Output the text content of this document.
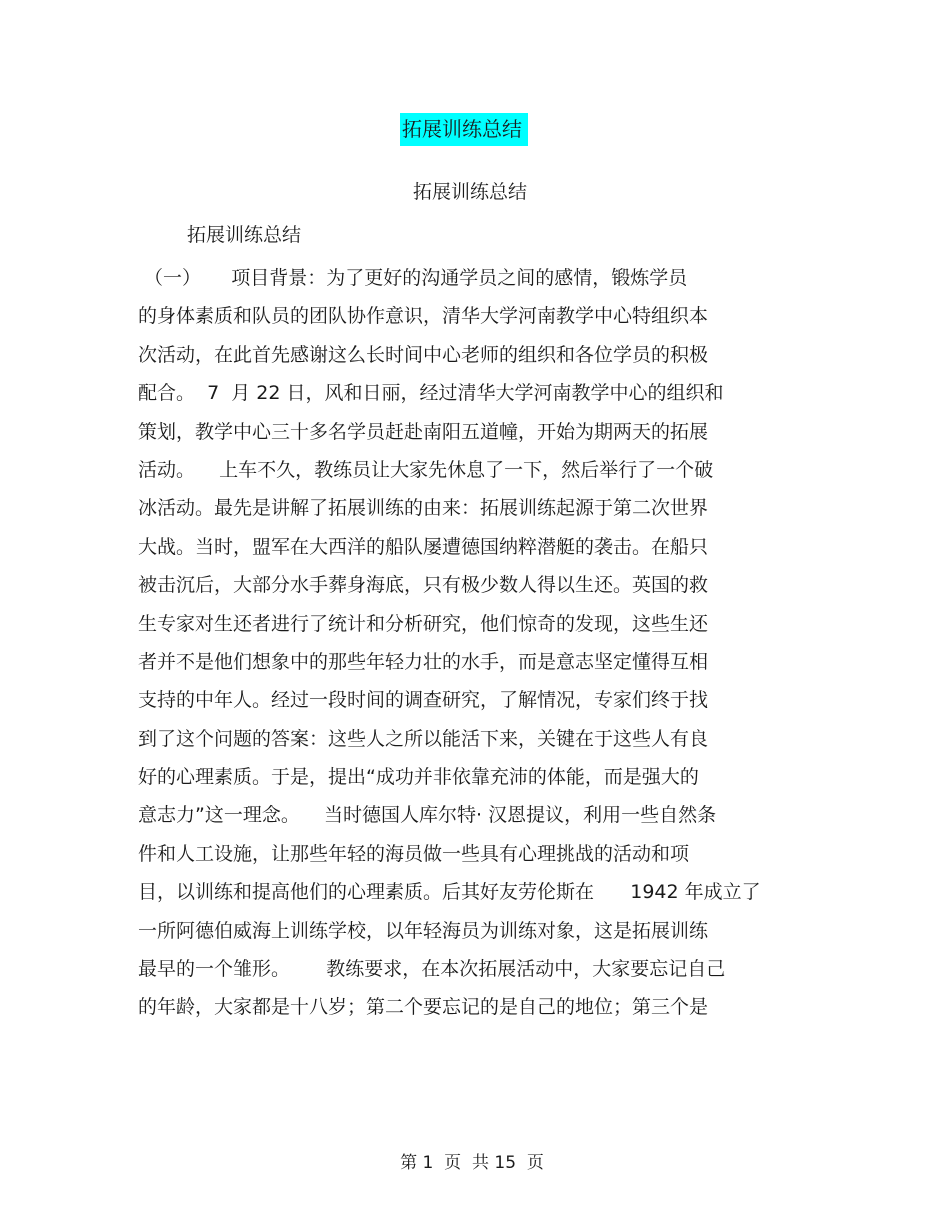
拓展训练总结
拓展训练总结
拓展训练总结
（一）     项目背景：为了更好的沟通学员之间的感情，锻炼学员
的身体素质和队员的团队协作意识，清华大学河南教学中心特组织本
次活动，在此首先感谢这么长时间中心老师的组织和各位学员的积极
配合。  7  月 22 日，风和日丽，经过清华大学河南教学中心的组织和
策划，教学中心三十多名学员赶赴南阳五道幢，开始为期两天的拓展
活动。    上车不久，教练员让大家先休息了一下，然后举行了一个破
冰活动。最先是讲解了拓展训练的由来：拓展训练起源于第二次世界
大战。当时，盟军在大西洋的船队屡遭德国纳粹潜艇的袭击。在船只
被击沉后，大部分水手葬身海底，只有极少数人得以生还。英国的救
生专家对生还者进行了统计和分析研究，他们惊奇的发现，这些生还
者并不是他们想象中的那些年轻力壮的水手，而是意志坚定懂得互相
支持的中年人。经过一段时间的调查研究，了解情况，专家们终于找
到了这个问题的答案：这些人之所以能活下来，关键在于这些人有良
好的心理素质。于是，提出“成功并非依靠充沛的体能，而是强大的
意志力”这一理念。    当时德国人库尔特· 汉恩提议，利用一些自然条
件和人工设施，让那些年轻的海员做一些具有心理挑战的活动和项
目，以训练和提高他们的心理素质。后其好友劳伦斯在      1942 年成立了
一所阿德伯威海上训练学校，以年轻海员为训练对象，这是拓展训练
最早的一个雏形。      教练要求，在本次拓展活动中，大家要忘记自己
的年龄，大家都是十八岁；第二个要忘记的是自己的地位；第三个是
第 1  页  共 15  页
